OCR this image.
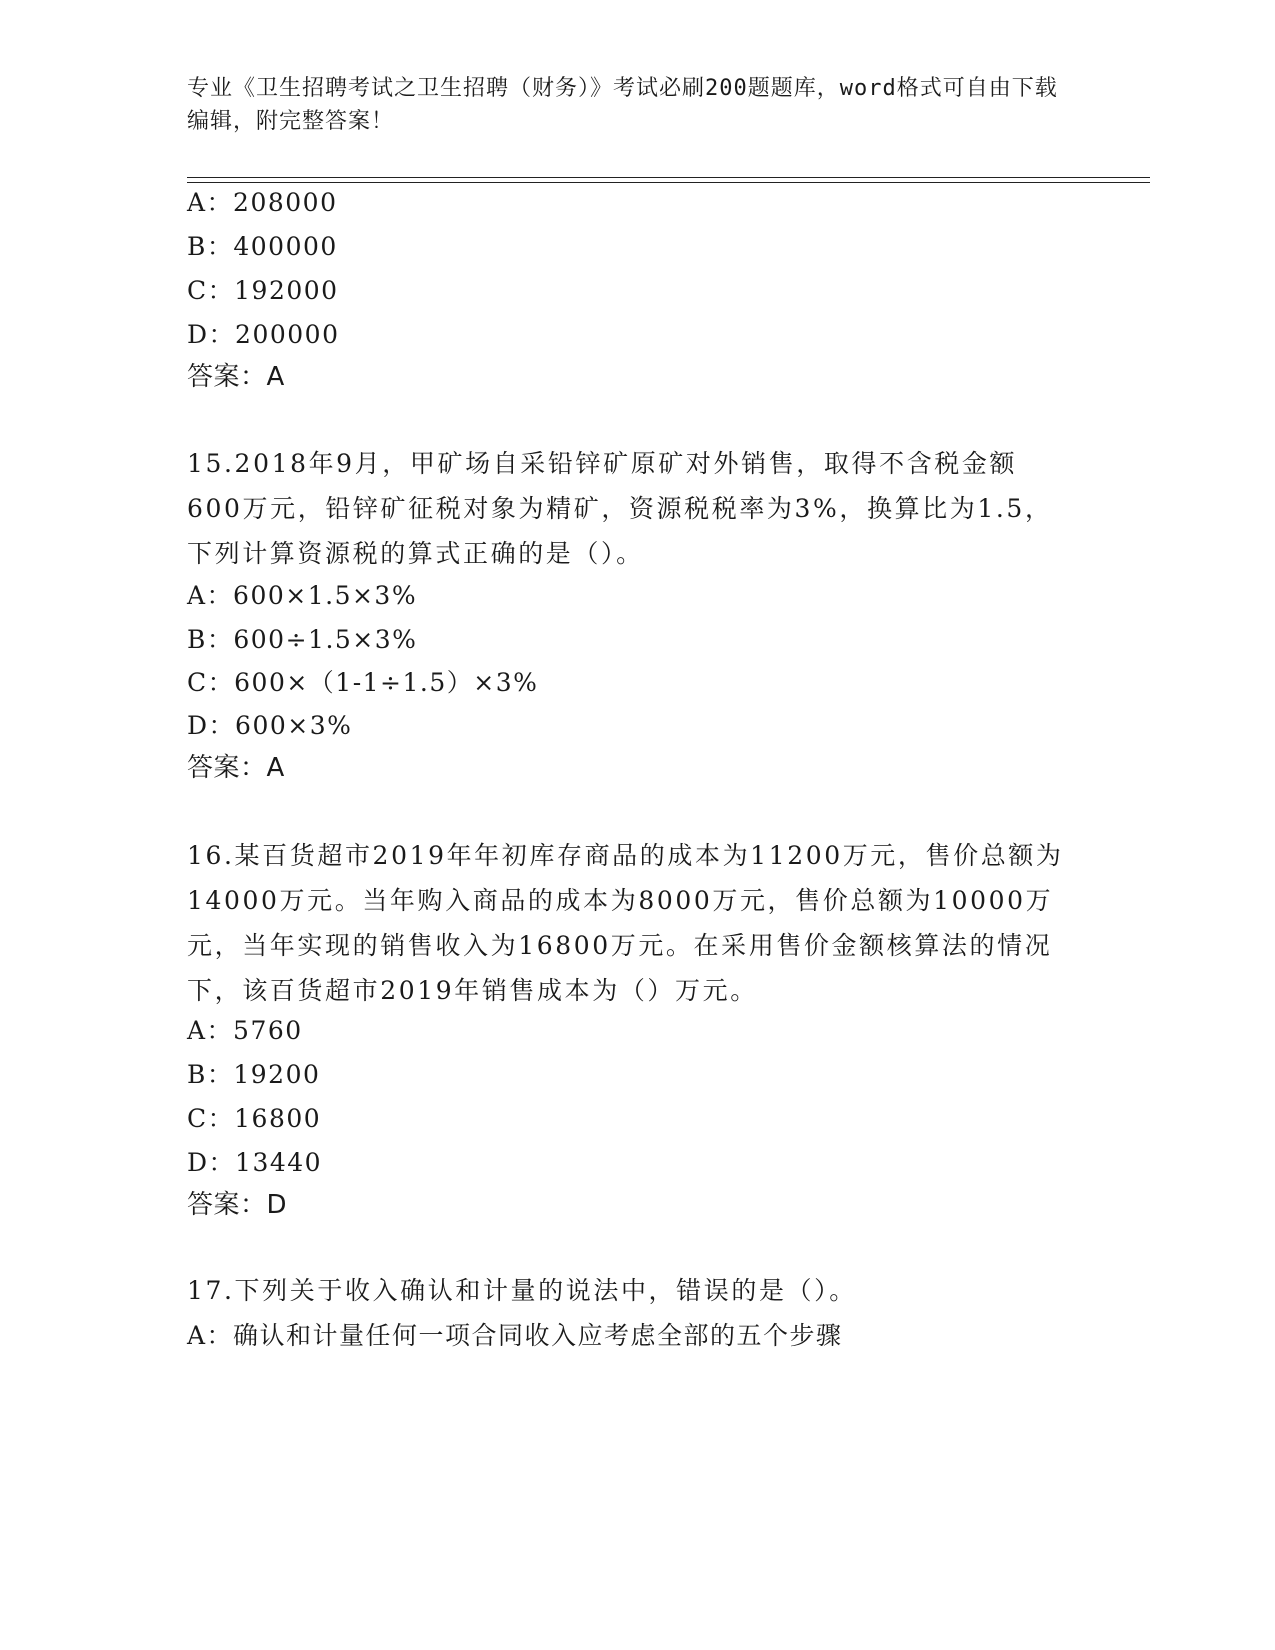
专业《卫生招聘考试之卫生招聘（财务）》考试必刷200题题库，word格式可自由下载编辑，附完整答案！

A：208000

B：400000

C：192000

D：200000

答案：A

15.2018年9月，甲矿场自采铅锌矿原矿对外销售，取得不含税金额600万元，铅锌矿征税对象为精矿，资源税税率为3%，换算比为1.5，下列计算资源税的算式正确的是（）。

A：600×1.5×3%

B：600÷1.5×3%

C：600×（1-1÷1.5）×3%

D：600×3%

答案：A

16.某百货超市2019年年初库存商品的成本为11200万元，售价总额为14000万元。当年购入商品的成本为8000万元，售价总额为10000万元，当年实现的销售收入为16800万元。在采用售价金额核算法的情况下，该百货超市2019年销售成本为（）万元。

A：5760

B：19200

C：16800

D：13440

答案：D

17.下列关于收入确认和计量的说法中，错误的是（）。

A：确认和计量任何一项合同收入应考虑全部的五个步骤
